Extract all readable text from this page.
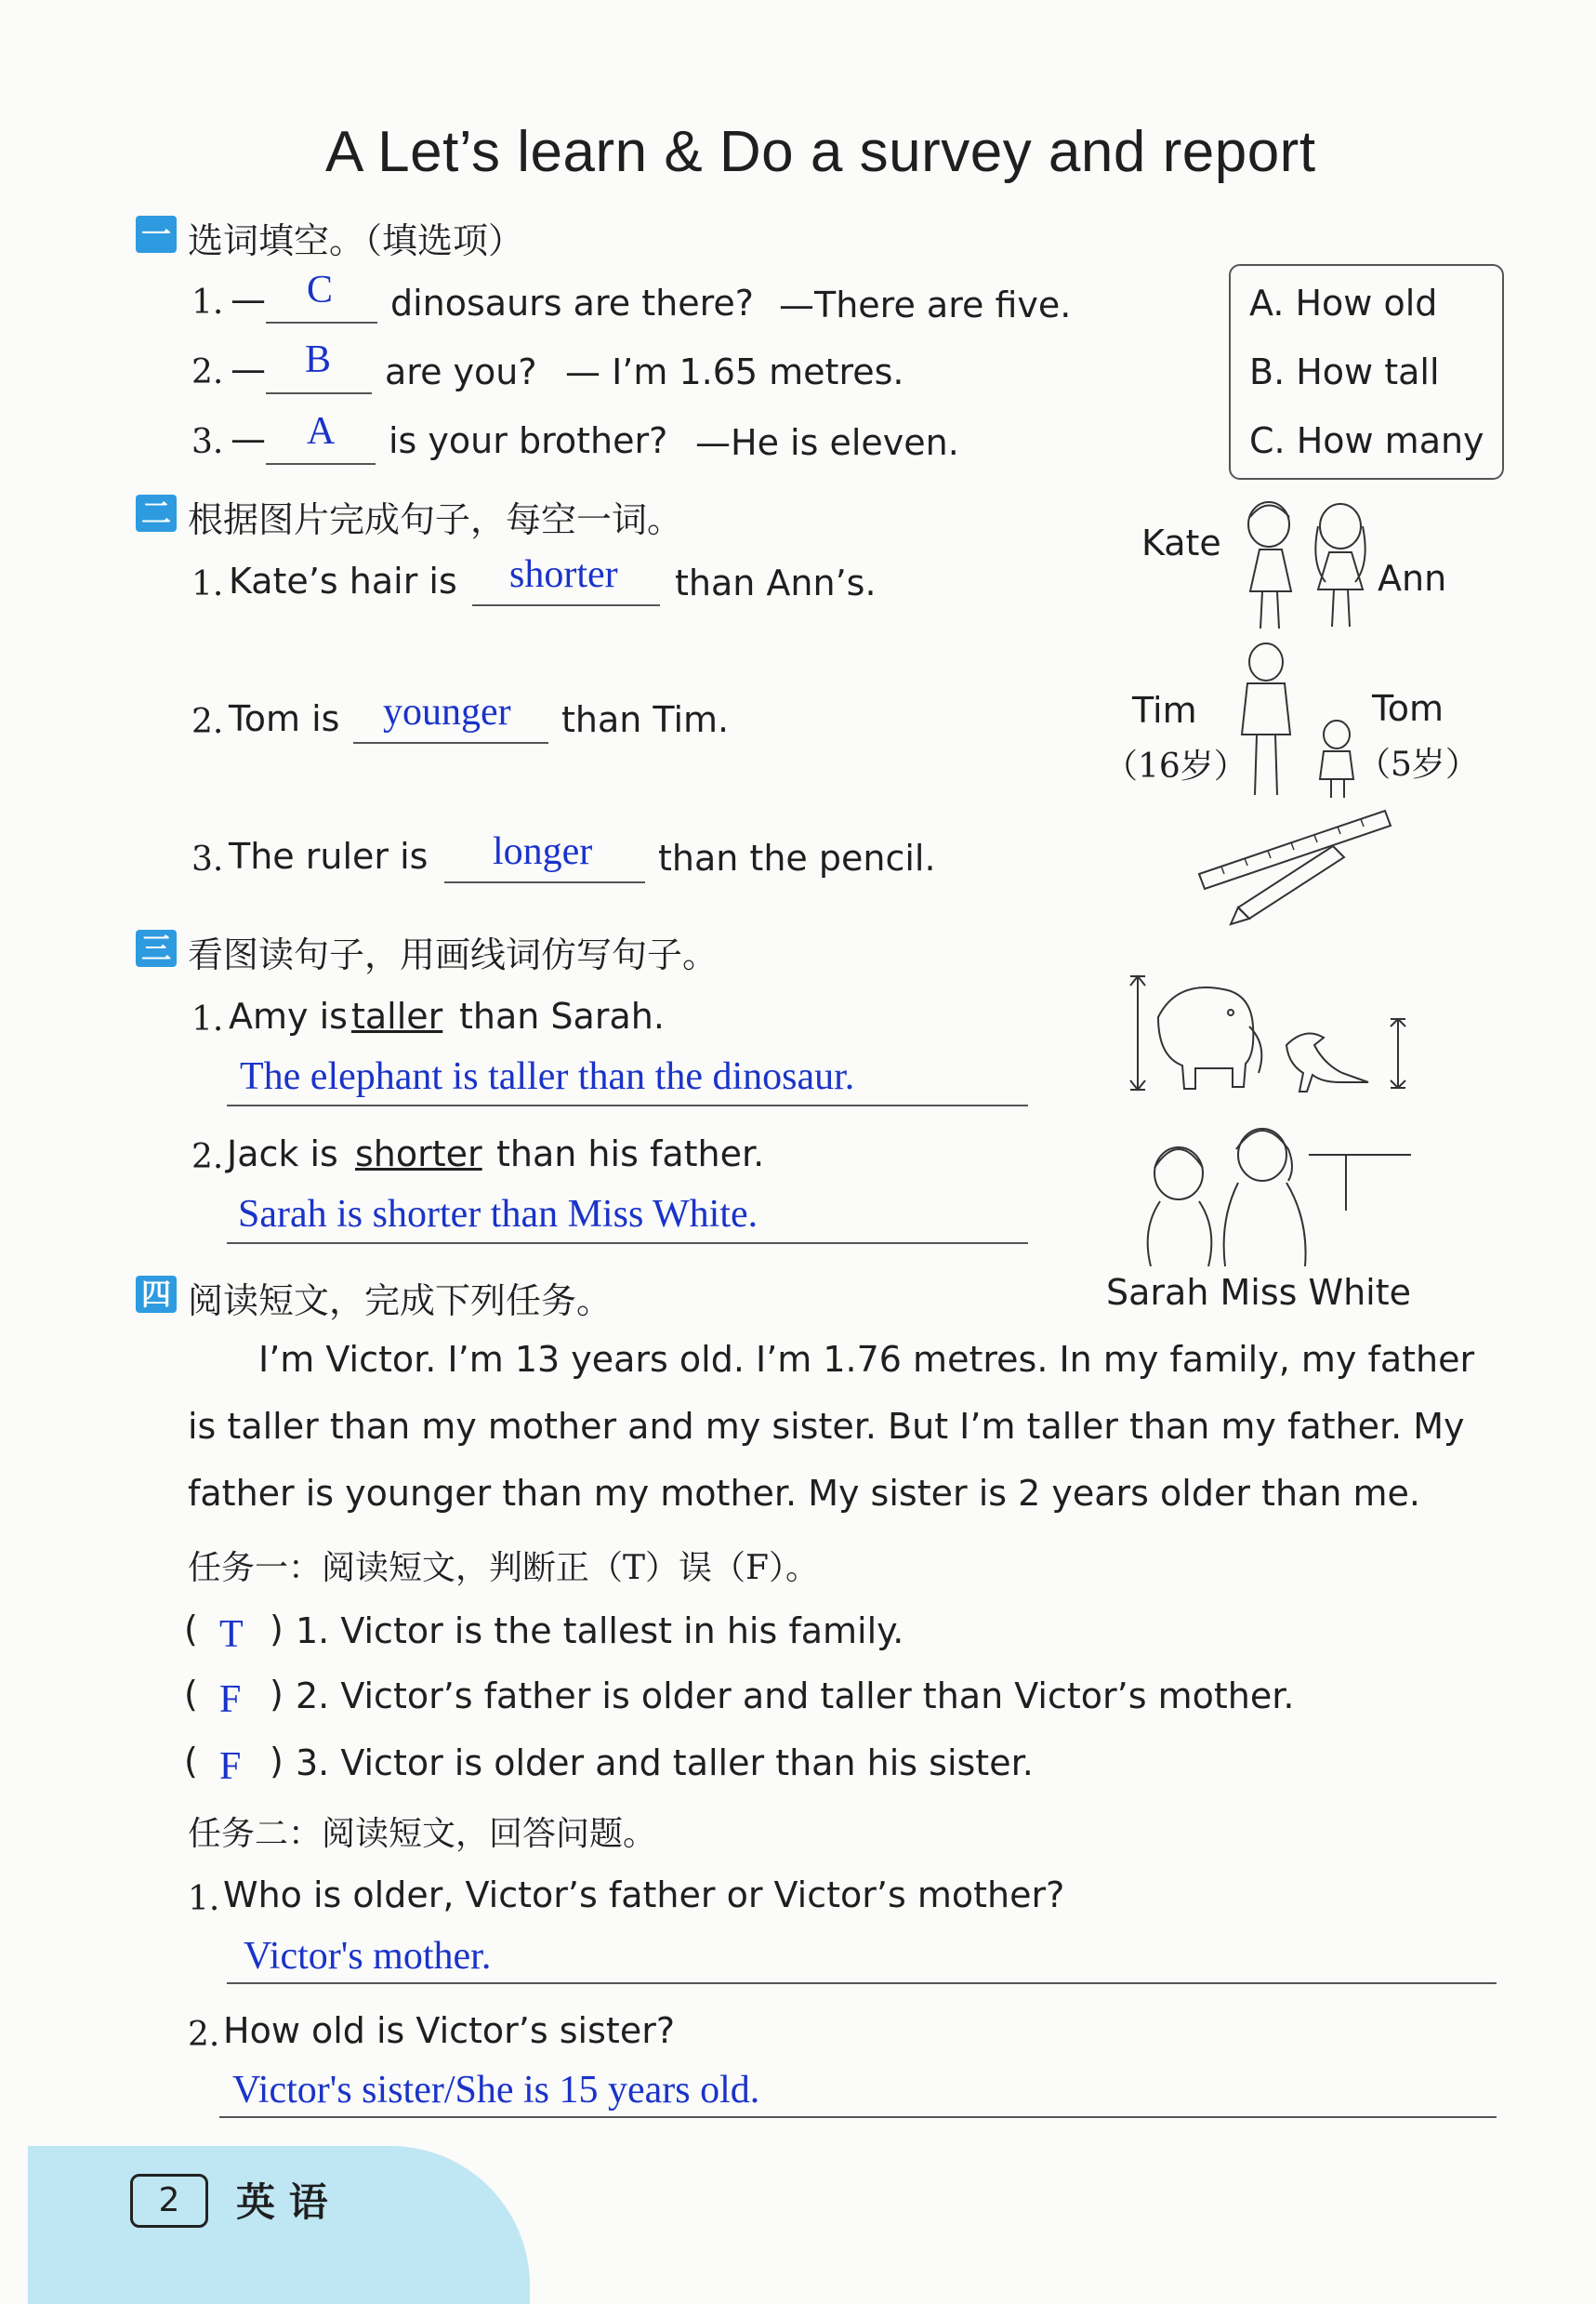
A Let’s learn & Do a survey and report
一 选词填空。（填选项）
1. — C dinosaurs are there? —There are five.
2. — B are you? — I’m 1.65 metres.
3. — A is your brother? —He is eleven.
A. How old
B. How tall
C. How many
二 根据图片完成句子，每空一词。
1. Kate’s hair is shorter than Ann’s.
2. Tom is younger than Tim.
3. The ruler is longer than the pencil.
Kate
Ann
Tim
（16岁）
Tom
（5岁）
三 看图读句子，用画线词仿写句子。
1. Amy is taller than Sarah.
The elephant is taller than the dinosaur.
2. Jack is shorter than his father.
Sarah is shorter than Miss White.
Sarah Miss White
四 阅读短文，完成下列任务。
I’m Victor. I’m 13 years old. I’m 1.76 metres. In my family, my father
is taller than my mother and my sister. But I’m taller than my father. My
father is younger than my mother. My sister is 2 years older than me.
任务一：阅读短文，判断正（T）误（F）。
( T ) 1. Victor is the tallest in his family.
( F ) 2. Victor’s father is older and taller than Victor’s mother.
( F ) 3. Victor is older and taller than his sister.
任务二：阅读短文，回答问题。
1. Who is older, Victor’s father or Victor’s mother?
Victor's mother.
2. How old is Victor’s sister?
Victor's sister/She is 15 years old.
2	英 语
